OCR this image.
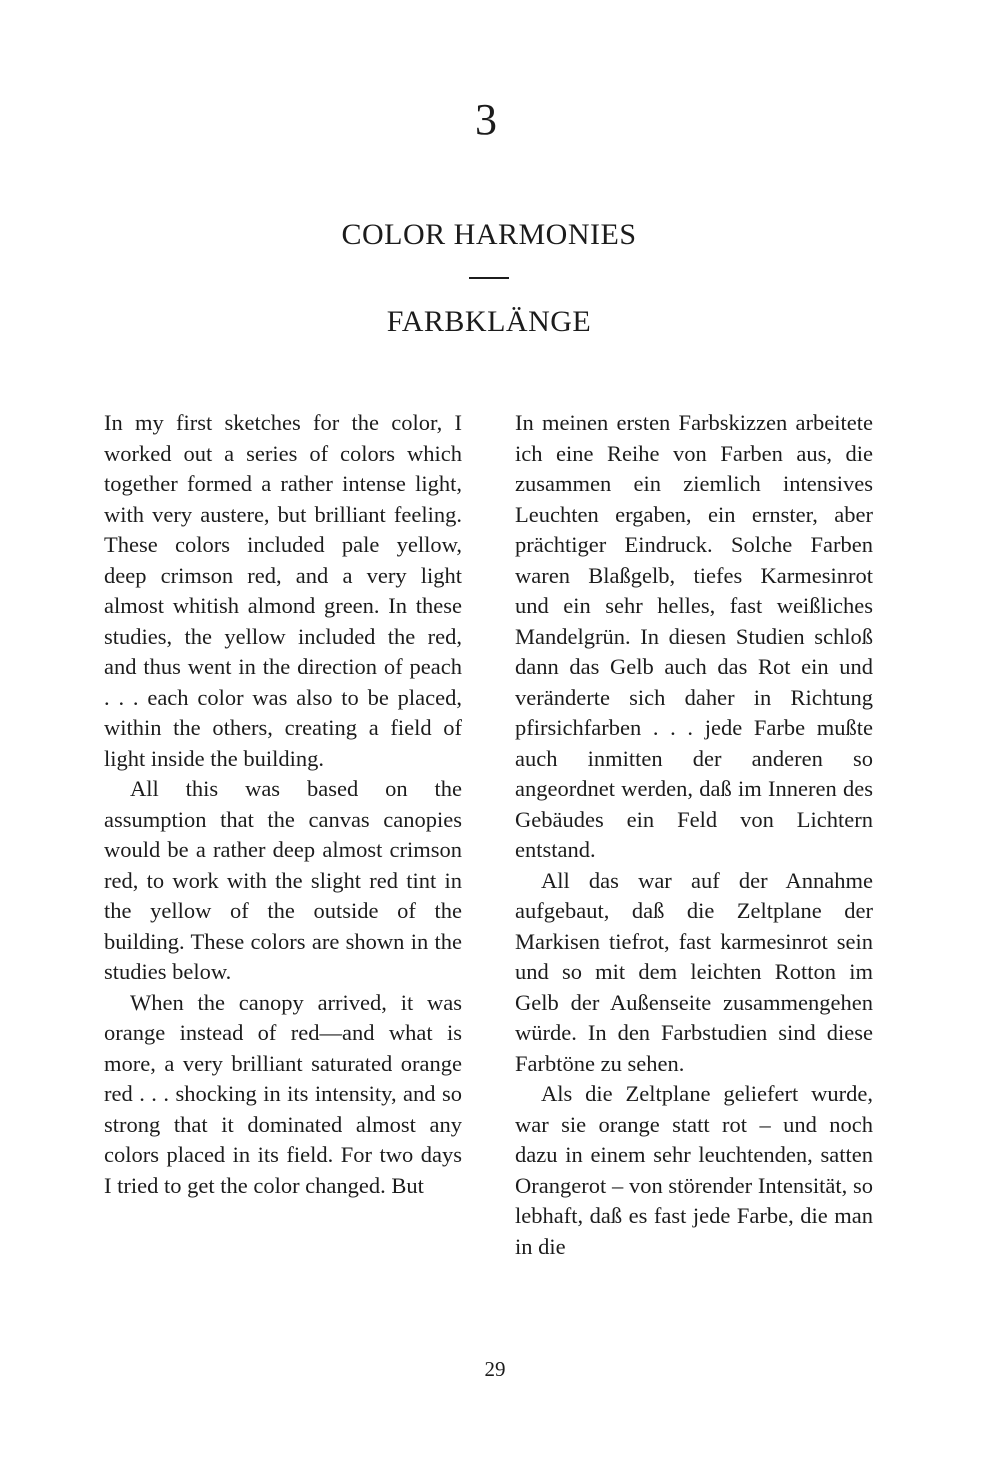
3
COLOR HARMONIES
FARBKLÄNGE

In my first sketches for the color, I worked out a series of colors which together formed a rather intense light, with very austere, but brilliant feeling. These colors included pale yellow, deep crimson red, and a very light almost whitish almond green. In these studies, the yellow included the red, and thus went in the direction of peach . . . each color was also to be placed, within the others, creating a field of light inside the building.

All this was based on the assumption that the canvas canopies would be a rather deep almost crimson red, to work with the slight red tint in the yellow of the outside of the building. These colors are shown in the studies below.

When the canopy arrived, it was orange instead of red—and what is more, a very brilliant saturated orange red . . . shocking in its intensity, and so strong that it dominated almost any colors placed in its field. For two days I tried to get the color changed. But

In meinen ersten Farbskizzen arbeitete ich eine Reihe von Farben aus, die zusammen ein ziemlich intensives Leuchten ergaben, ein ernster, aber prächtiger Eindruck. Solche Farben waren Blaßgelb, tiefes Karmesinrot und ein sehr helles, fast weißliches Mandelgrün. In diesen Studien schloß dann das Gelb auch das Rot ein und veränderte sich daher in Richtung pfirsichfarben . . . jede Farbe mußte auch inmitten der anderen so angeordnet werden, daß im Inneren des Gebäudes ein Feld von Lichtern entstand.

All das war auf der Annahme aufgebaut, daß die Zeltplane der Markisen tiefrot, fast karmesinrot sein und so mit dem leichten Rotton im Gelb der Außenseite zusammengehen würde. In den Farbstudien sind diese Farbtöne zu sehen.

Als die Zeltplane geliefert wurde, war sie orange statt rot – und noch dazu in einem sehr leuchtenden, satten Orangerot – von störender Intensität, so lebhaft, daß es fast jede Farbe, die man in die

29
